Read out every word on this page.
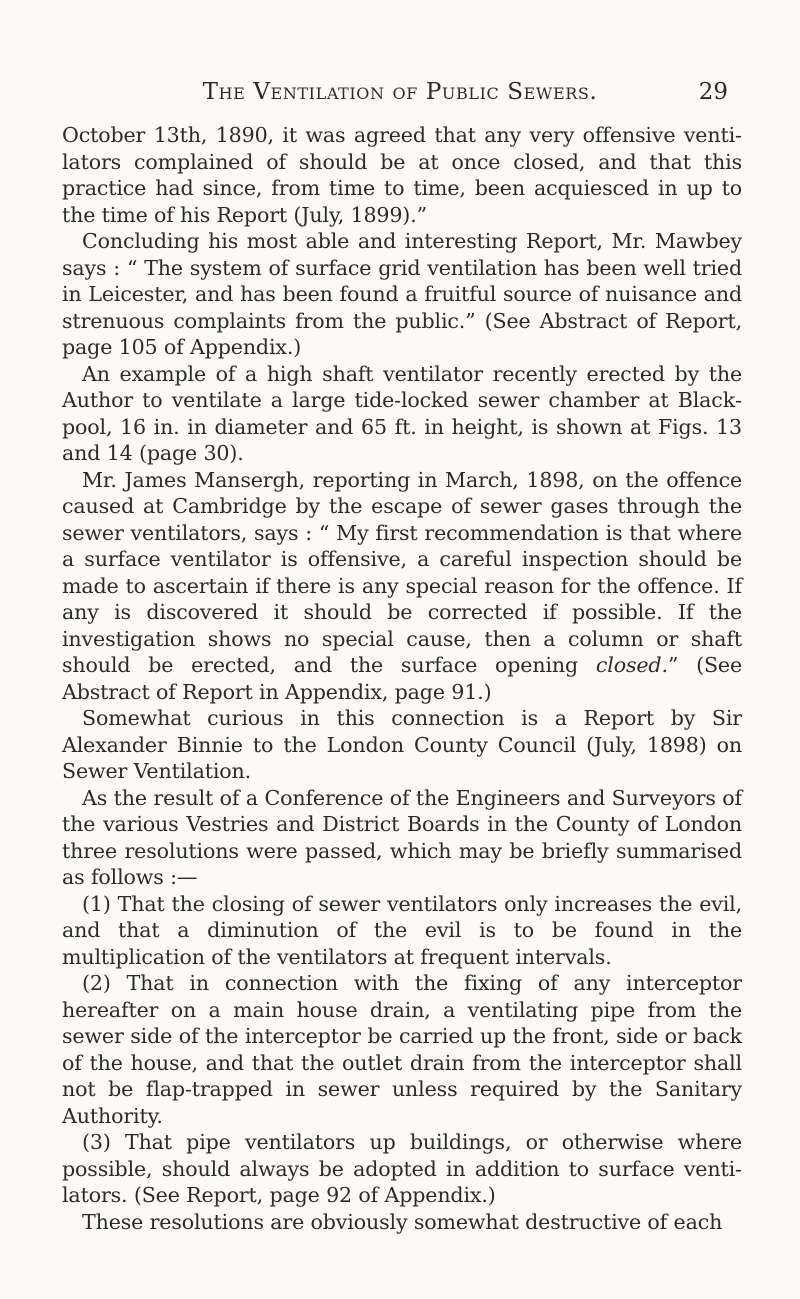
The Ventilation of Public Sewers.	29

October 13th, 1890, it was agreed that any very offensive ventilators complained of should be at once closed, and that this practice had since, from time to time, been acquiesced in up to the time of his Report (July, 1899).”

Concluding his most able and interesting Report, Mr. Mawbey says : “ The system of surface grid ventilation has been well tried in Leicester, and has been found a fruitful source of nuisance and strenuous complaints from the public.” (See Abstract of Report, page 105 of Appendix.)

An example of a high shaft ventilator recently erected by the Author to ventilate a large tide-locked sewer chamber at Blackpool, 16 in. in diameter and 65 ft. in height, is shown at Figs. 13 and 14 (page 30).

Mr. James Mansergh, reporting in March, 1898, on the offence caused at Cambridge by the escape of sewer gases through the sewer ventilators, says : “ My first recommendation is that where a surface ventilator is offensive, a careful inspection should be made to ascertain if there is any special reason for the offence. If any is discovered it should be corrected if possible. If the investigation shows no special cause, then a column or shaft should be erected, and the surface opening closed.” (See Abstract of Report in Appendix, page 91.)

Somewhat curious in this connection is a Report by Sir Alexander Binnie to the London County Council (July, 1898) on Sewer Ventilation.

As the result of a Conference of the Engineers and Surveyors of the various Vestries and District Boards in the County of London three resolutions were passed, which may be briefly summarised as follows :—

(1) That the closing of sewer ventilators only increases the evil, and that a diminution of the evil is to be found in the multiplication of the ventilators at frequent intervals.

(2) That in connection with the fixing of any interceptor hereafter on a main house drain, a ventilating pipe from the sewer side of the interceptor be carried up the front, side or back of the house, and that the outlet drain from the interceptor shall not be flap-trapped in sewer unless required by the Sanitary Authority.

(3) That pipe ventilators up buildings, or otherwise where possible, should always be adopted in addition to surface ventilators. (See Report, page 92 of Appendix.)

These resolutions are obviously somewhat destructive of each
